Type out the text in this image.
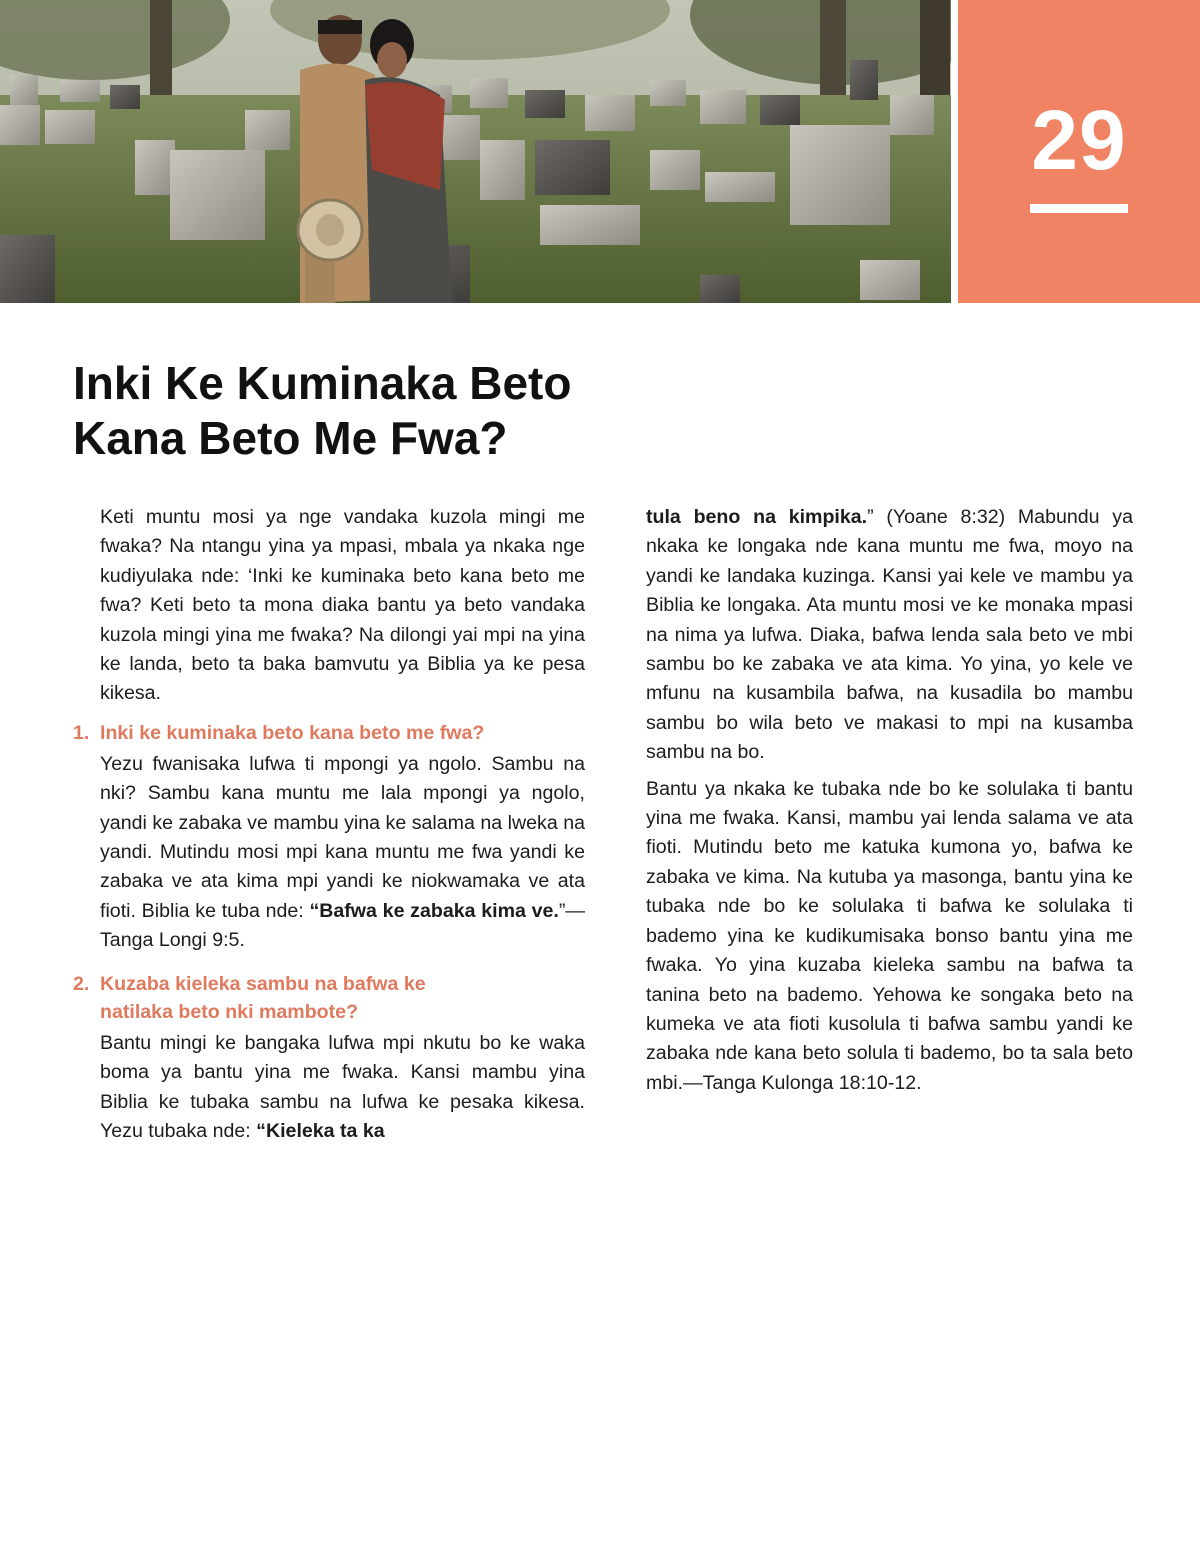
29
Inki Ke Kuminaka Beto
Kana Beto Me Fwa?

Keti muntu mosi ya nge vandaka kuzola mingi me fwaka? Na ntangu yina ya mpasi, mbala ya nkaka nge kudiyulaka nde: ‘Inki ke kuminaka beto kana beto me fwa? Keti beto ta mona diaka bantu ya beto vandaka kuzola mingi yina me fwaka? Na dilongi yai mpi na yina ke landa, beto ta baka bamvutu ya Biblia ya ke pesa kikesa.

1. Inki ke kuminaka beto kana beto me fwa?

Yezu fwanisaka lufwa ti mpongi ya ngolo. Sambu na nki? Sambu kana muntu me lala mpongi ya ngolo, yandi ke zabaka ve mambu yina ke salama na lweka na yandi. Mutindu mosi mpi kana muntu me fwa yandi ke zabaka ve ata kima mpi yandi ke niokwamaka ve ata fioti. Biblia ke tuba nde: “Bafwa ke zabaka kima ve.”—Tanga Longi 9:5.

2. Kuzaba kieleka sambu na bafwa ke
natilaka beto nki mambote?

Bantu mingi ke bangaka lufwa mpi nkutu bo ke waka boma ya bantu yina me fwaka. Kansi mambu yina Biblia ke tubaka sambu na lufwa ke pesaka kikesa. Yezu tubaka nde: “Kieleka ta ka

tula beno na kimpika.” (Yoane 8:32) Mabundu ya nkaka ke longaka nde kana muntu me fwa, moyo na yandi ke landaka kuzinga. Kansi yai kele ve mambu ya Biblia ke longaka. Ata muntu mosi ve ke monaka mpasi na nima ya lufwa. Diaka, bafwa lenda sala beto ve mbi sambu bo ke zabaka ve ata kima. Yo yina, yo kele ve mfunu na kusambila bafwa, na kusadila bo mambu sambu bo wila beto ve makasi to mpi na kusamba sambu na bo.

Bantu ya nkaka ke tubaka nde bo ke solulaka ti bantu yina me fwaka. Kansi, mambu yai lenda salama ve ata fioti. Mutindu beto me katuka kumona yo, bafwa ke zabaka ve kima. Na kutuba ya masonga, bantu yina ke tubaka nde bo ke solulaka ti bafwa ke solulaka ti bademo yina ke kudikumisaka bonso bantu yina me fwaka. Yo yina kuzaba kieleka sambu na bafwa ta tanina beto na bademo. Yehowa ke songaka beto na kumeka ve ata fioti kusolula ti bafwa sambu yandi ke zabaka nde kana beto solula ti bademo, bo ta sala beto mbi.—Tanga Kulonga 18:10-12.
